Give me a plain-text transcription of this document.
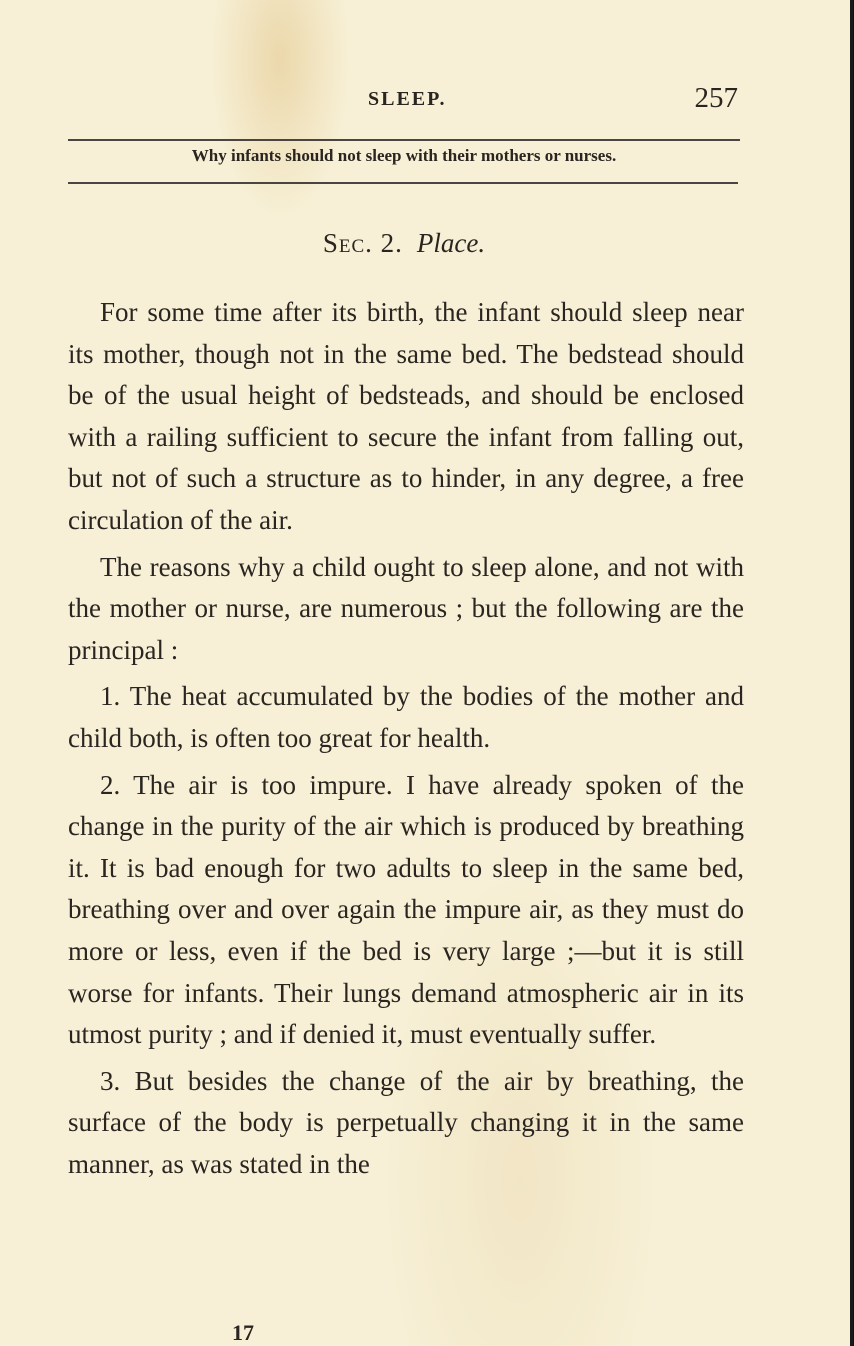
SLEEP.	257
Why infants should not sleep with their mothers or nurses.
Sec. 2. Place.

For some time after its birth, the infant should sleep near its mother, though not in the same bed. The bedstead should be of the usual height of bedsteads, and should be enclosed with a railing sufficient to secure the infant from falling out, but not of such a structure as to hinder, in any degree, a free circulation of the air.

The reasons why a child ought to sleep alone, and not with the mother or nurse, are numerous ; but the following are the principal :

1. The heat accumulated by the bodies of the mother and child both, is often too great for health.

2. The air is too impure. I have already spoken of the change in the purity of the air which is produced by breathing it. It is bad enough for two adults to sleep in the same bed, breathing over and over again the impure air, as they must do more or less, even if the bed is very large ;—but it is still worse for infants. Their lungs demand atmospheric air in its utmost purity ; and if denied it, must eventually suffer.

3. But besides the change of the air by breathing, the surface of the body is perpetually changing it in the same manner, as was stated in the

17
